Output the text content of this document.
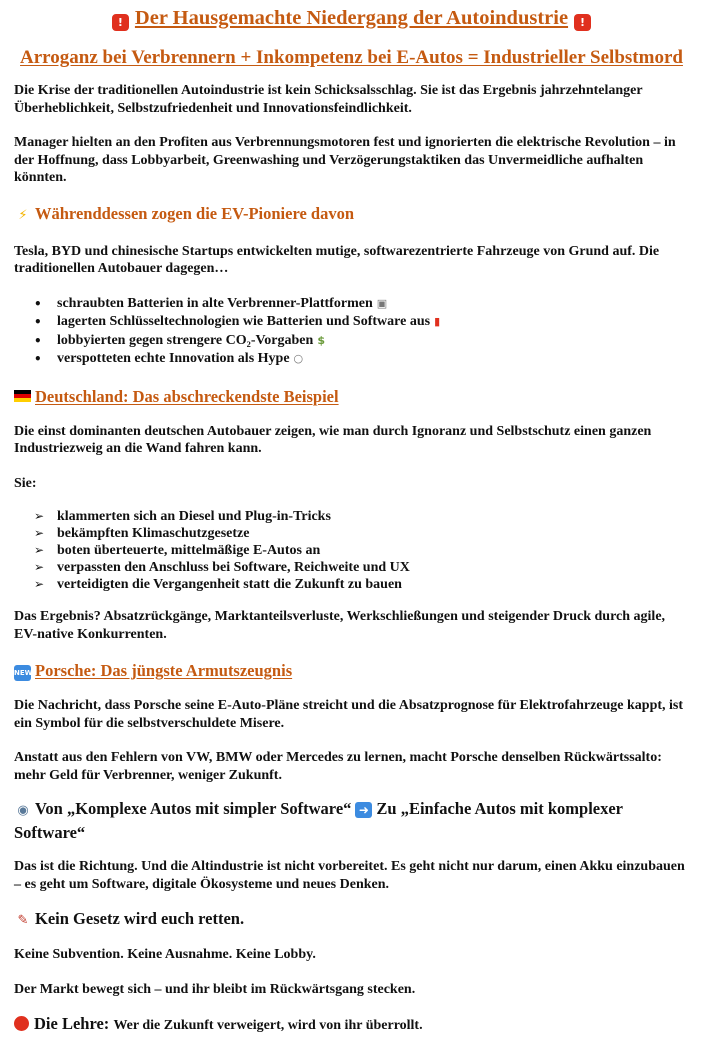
! Der Hausgemachte Niedergang der Autoindustrie !
Arroganz bei Verbrennern + Inkompetenz bei E-Autos = Industrieller Selbstmord

Die Krise der traditionellen Autoindustrie ist kein Schicksalsschlag. Sie ist das Ergebnis jahrzehntelanger Überheblichkeit, Selbstzufriedenheit und Innovationsfeindlichkeit.

Manager hielten an den Profiten aus Verbrennungsmotoren fest und ignorierten die elektrische Revolution – in der Hoffnung, dass Lobbyarbeit, Greenwashing und Verzögerungstaktiken das Unvermeidliche aufhalten könnten.

⚡ Währenddessen zogen die EV-Pioniere davon

Tesla, BYD und chinesische Startups entwickelten mutige, softwarezentrierte Fahrzeuge von Grund auf. Die traditionellen Autobauer dagegen…

• schraubten Batterien in alte Verbrenner-Plattformen ▣
• lagerten Schlüsseltechnologien wie Batterien und Software aus ▮
• lobbyierten gegen strengere CO₂-Vorgaben $
• verspotteten echte Innovation als Hype ○
Deutschland: Das abschreckendste Beispiel

Die einst dominanten deutschen Autobauer zeigen, wie man durch Ignoranz und Selbstschutz einen ganzen Industriezweig an die Wand fahren kann.

Sie:

➢ klammerten sich an Diesel und Plug-in-Tricks
➢ bekämpften Klimaschutzgesetze
➢ boten überteuerte, mittelmäßige E-Autos an
➢ verpassten den Anschluss bei Software, Reichweite und UX
➢ verteidigten die Vergangenheit statt die Zukunft zu bauen

Das Ergebnis? Absatzrückgänge, Marktanteilsverluste, Werkschließungen und steigender Druck durch agile, EV-native Konkurrenten.

NEW Porsche: Das jüngste Armutszeugnis

Die Nachricht, dass Porsche seine E-Auto-Pläne streicht und die Absatzprognose für Elektrofahrzeuge kappt, ist ein Symbol für die selbstverschuldete Misere.

Anstatt aus den Fehlern von VW, BMW oder Mercedes zu lernen, macht Porsche denselben Rückwärtssalto: mehr Geld für Verbrenner, weniger Zukunft.

◉ Von „Komplexe Autos mit simpler Software“ ➜ Zu „Einfache Autos mit komplexer Software“

Das ist die Richtung. Und die Altindustrie ist nicht vorbereitet. Es geht nicht nur darum, einen Akku einzubauen – es geht um Software, digitale Ökosysteme und neues Denken.

✎ Kein Gesetz wird euch retten.

Keine Subvention. Keine Ausnahme. Keine Lobby.

Der Markt bewegt sich – und ihr bleibt im Rückwärtsgang stecken.

Die Lehre: Wer die Zukunft verweigert, wird von ihr überrollt.
